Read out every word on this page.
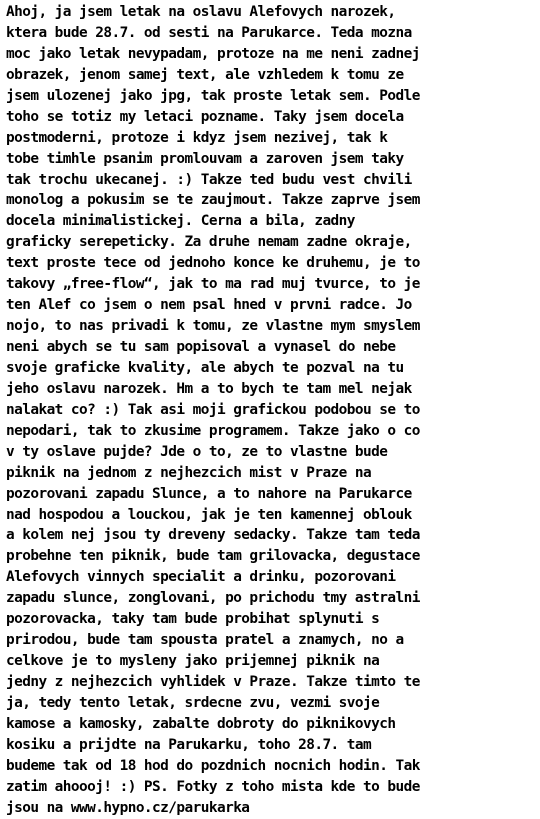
Ahoj, ja jsem letak na oslavu Alefovych narozek,
ktera bude 28.7. od sesti na Parukarce. Teda mozna
moc jako letak nevypadam, protoze na me neni zadnej
obrazek, jenom samej text, ale vzhledem k tomu ze
jsem ulozenej jako jpg, tak proste letak sem. Podle
toho se totiz my letaci pozname. Taky jsem docela
postmoderni, protoze i kdyz jsem nezivej, tak k
tobe timhle psanim promlouvam a zaroven jsem taky
tak trochu ukecanej. :) Takze ted budu vest chvili
monolog a pokusim se te zaujmout. Takze zaprve jsem
docela minimalistickej. Cerna a bila, zadny
graficky serepeticky. Za druhe nemam zadne okraje,
text proste tece od jednoho konce ke druhemu, je to
takovy „free-flow“, jak to ma rad muj tvurce, to je
ten Alef co jsem o nem psal hned v prvni radce. Jo
nojo, to nas privadi k tomu, ze vlastne mym smyslem
neni abych se tu sam popisoval a vynasel do nebe
svoje graficke kvality, ale abych te pozval na tu
jeho oslavu narozek. Hm a to bych te tam mel nejak
nalakat co? :) Tak asi moji grafickou podobou se to
nepodari, tak to zkusime programem. Takze jako o co
v ty oslave pujde? Jde o to, ze to vlastne bude
piknik na jednom z nejhezcich mist v Praze na
pozorovani zapadu Slunce, a to nahore na Parukarce
nad hospodou a louckou, jak je ten kamennej oblouk
a kolem nej jsou ty dreveny sedacky. Takze tam teda
probehne ten piknik, bude tam grilovacka, degustace
Alefovych vinnych specialit a drinku, pozorovani
zapadu slunce, zonglovani, po prichodu tmy astralni
pozorovacka, taky tam bude probihat splynuti s
prirodou, bude tam spousta pratel a znamych, no a
celkove je to mysleny jako prijemnej piknik na
jedny z nejhezcich vyhlidek v Praze. Takze timto te
ja, tedy tento letak, srdecne zvu, vezmi svoje
kamose a kamosky, zabalte dobroty do piknikovych
kosiku a prijdte na Parukarku, toho 28.7. tam
budeme tak od 18 hod do pozdnich nocnich hodin. Tak
zatim ahoooj! :) PS. Fotky z toho mista kde to bude
jsou na www.hypno.cz/parukarka
